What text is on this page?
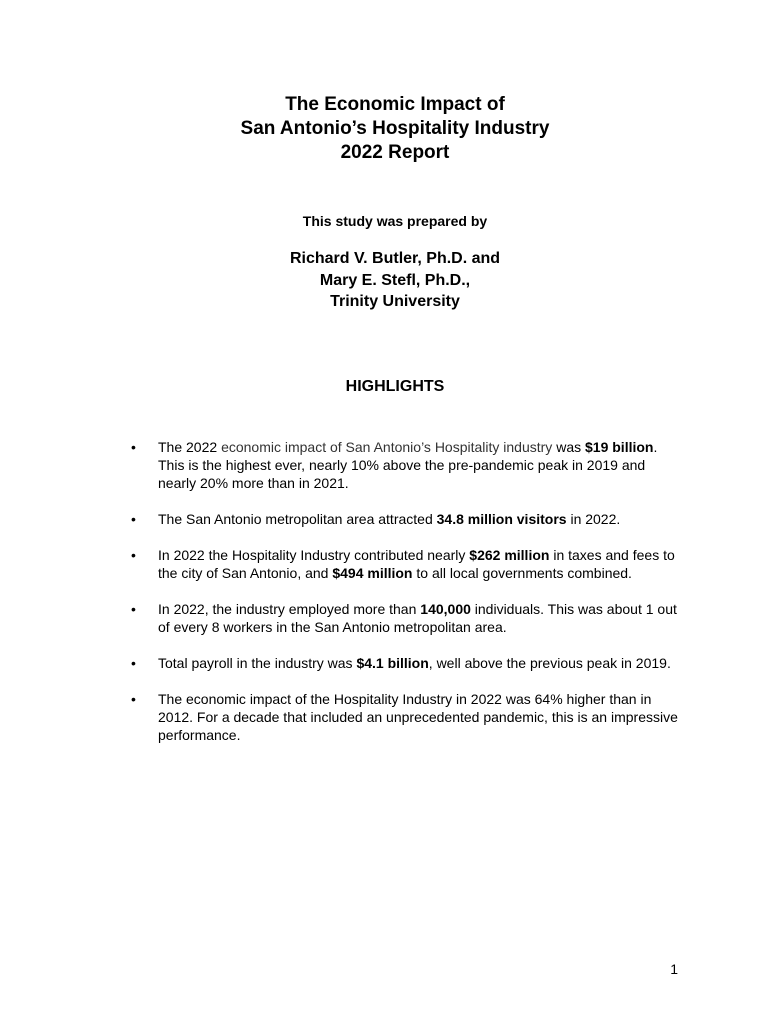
The Economic Impact of
San Antonio’s Hospitality Industry
2022 Report
This study was prepared by
Richard V. Butler, Ph.D. and
Mary E. Stefl, Ph.D.,
Trinity University
HIGHLIGHTS
• The 2022 economic impact of San Antonio’s Hospitality industry was $19 billion. This is the highest ever, nearly 10% above the pre-pandemic peak in 2019 and nearly 20% more than in 2021.
• The San Antonio metropolitan area attracted 34.8 million visitors in 2022.
• In 2022 the Hospitality Industry contributed nearly $262 million in taxes and fees to the city of San Antonio, and $494 million to all local governments combined.
• In 2022, the industry employed more than 140,000 individuals. This was about 1 out of every 8 workers in the San Antonio metropolitan area.
• Total payroll in the industry was $4.1 billion, well above the previous peak in 2019.
• The economic impact of the Hospitality Industry in 2022 was 64% higher than in 2012. For a decade that included an unprecedented pandemic, this is an impressive performance.
1
